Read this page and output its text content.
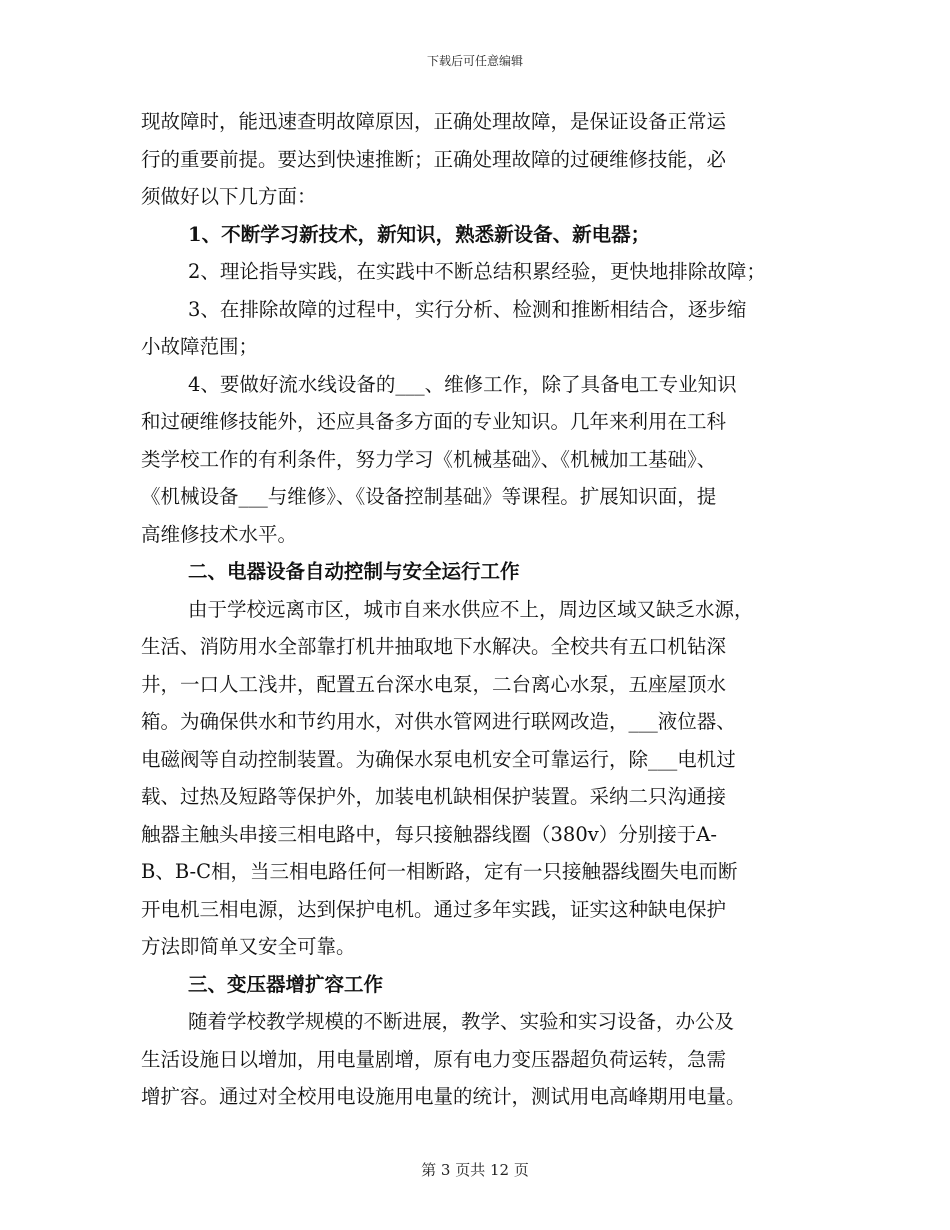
下载后可任意编辑
现故障时，能迅速查明故障原因，正确处理故障，是保证设备正常运
行的重要前提。要达到快速推断；正确处理故障的过硬维修技能，必
须做好以下几方面：
1、不断学习新技术，新知识，熟悉新设备、新电器；
2、理论指导实践，在实践中不断总结积累经验，更快地排除故障；
3、在排除故障的过程中，实行分析、检测和推断相结合，逐步缩
小故障范围；
4、要做好流水线设备的___、维修工作，除了具备电工专业知识
和过硬维修技能外，还应具备多方面的专业知识。几年来利用在工科
类学校工作的有利条件，努力学习《机械基础》、《机械加工基础》、
《机械设备___与维修》、《设备控制基础》等课程。扩展知识面，提
高维修技术水平。
二、电器设备自动控制与安全运行工作
由于学校远离市区，城市自来水供应不上，周边区域又缺乏水源，
生活、消防用水全部靠打机井抽取地下水解决。全校共有五口机钻深
井，一口人工浅井，配置五台深水电泵，二台离心水泵，五座屋顶水
箱。为确保供水和节约用水，对供水管网进行联网改造，___液位器、
电磁阀等自动控制装置。为确保水泵电机安全可靠运行，除___电机过
载、过热及短路等保护外，加装电机缺相保护装置。采纳二只沟通接
触器主触头串接三相电路中，每只接触器线圈（380v）分别接于A-
B、B-C相，当三相电路任何一相断路，定有一只接触器线圈失电而断
开电机三相电源，达到保护电机。通过多年实践，证实这种缺电保护
方法即简单又安全可靠。
三、变压器增扩容工作
随着学校教学规模的不断进展，教学、实验和实习设备，办公及
生活设施日以增加，用电量剧增，原有电力变压器超负荷运转，急需
增扩容。通过对全校用电设施用电量的统计，测试用电高峰期用电量。
第 3 页共 12 页
